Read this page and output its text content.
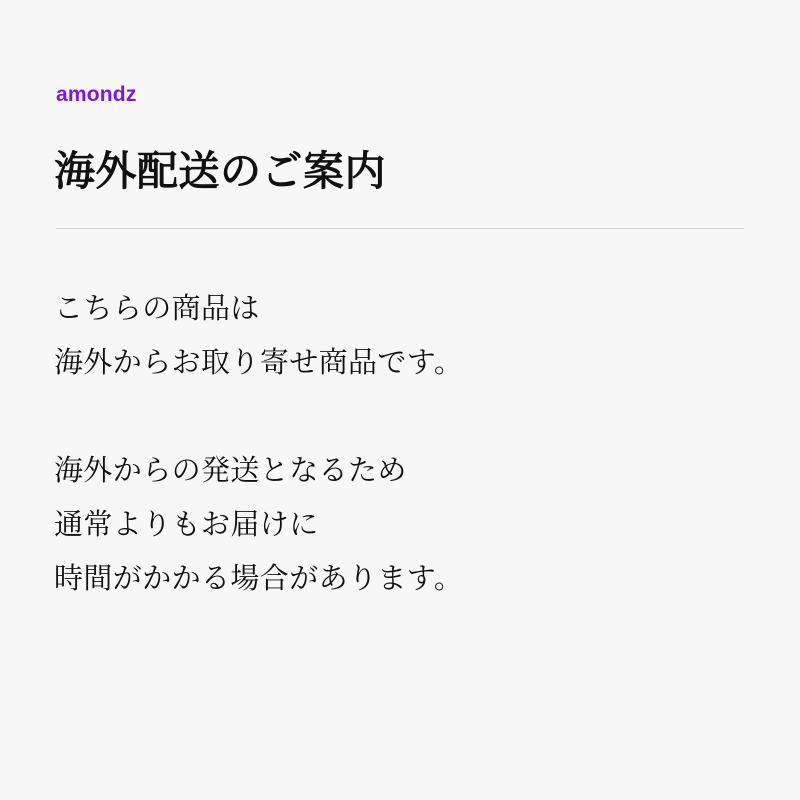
amondz
海外配送のご案内
こちらの商品は
海外からお取り寄せ商品です。
海外からの発送となるため
通常よりもお届けに
時間がかかる場合があります。
